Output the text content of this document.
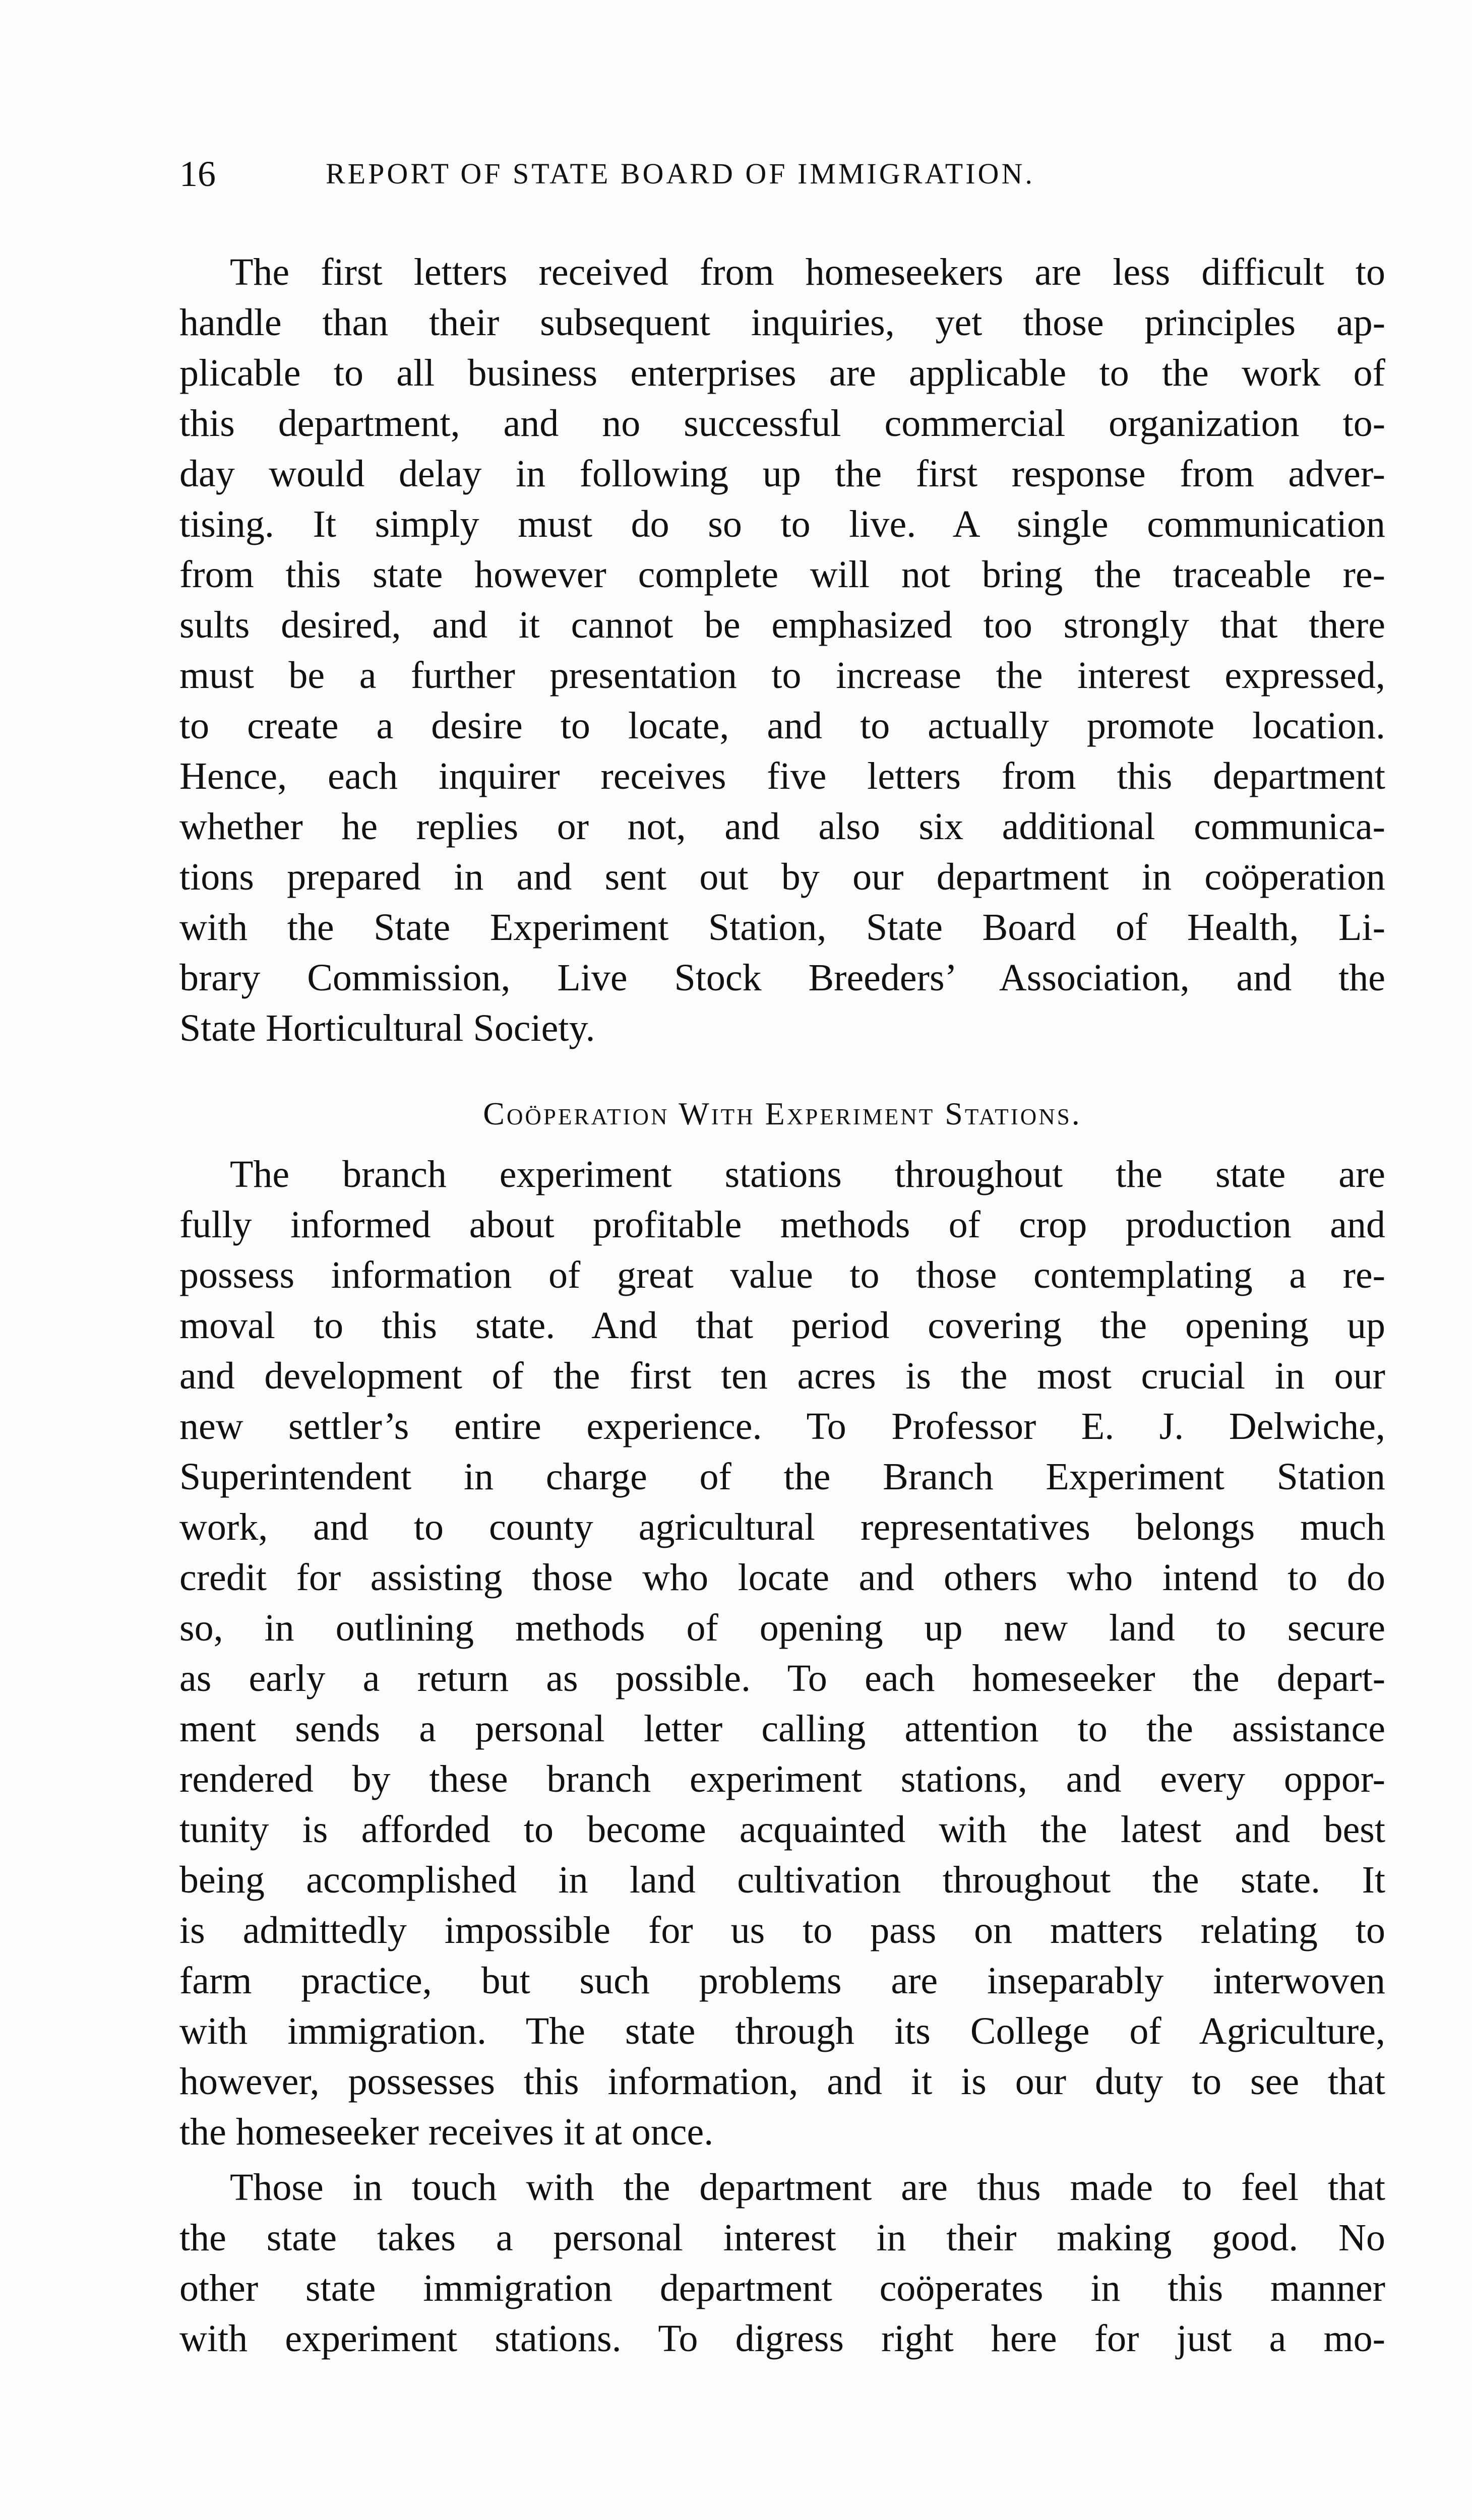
16	REPORT OF STATE BOARD OF IMMIGRATION.
The first letters received from homeseekers are less difficult to
handle than their subsequent inquiries, yet those principles ap-
plicable to all business enterprises are applicable to the work of
this department, and no successful commercial organization to-
day would delay in following up the first response from adver-
tising. It simply must do so to live. A single communication
from this state however complete will not bring the traceable re-
sults desired, and it cannot be emphasized too strongly that there
must be a further presentation to increase the interest expressed,
to create a desire to locate, and to actually promote location.
Hence, each inquirer receives five letters from this department
whether he replies or not, and also six additional communica-
tions prepared in and sent out by our department in coöperation
with the State Experiment Station, State Board of Health, Li-
brary Commission, Live Stock Breeders’ Association, and the
State Horticultural Society.
Coöperation With Experiment Stations.
The branch experiment stations throughout the state are
fully informed about profitable methods of crop production and
possess information of great value to those contemplating a re-
moval to this state. And that period covering the opening up
and development of the first ten acres is the most crucial in our
new settler’s entire experience. To Professor E. J. Delwiche,
Superintendent in charge of the Branch Experiment Station
work, and to county agricultural representatives belongs much
credit for assisting those who locate and others who intend to do
so, in outlining methods of opening up new land to secure
as early a return as possible. To each homeseeker the depart-
ment sends a personal letter calling attention to the assistance
rendered by these branch experiment stations, and every oppor-
tunity is afforded to become acquainted with the latest and best
being accomplished in land cultivation throughout the state. It
is admittedly impossible for us to pass on matters relating to
farm practice, but such problems are inseparably interwoven
with immigration. The state through its College of Agriculture,
however, possesses this information, and it is our duty to see that
the homeseeker receives it at once.
Those in touch with the department are thus made to feel that
the state takes a personal interest in their making good. No
other state immigration department coöperates in this manner
with experiment stations. To digress right here for just a mo-
